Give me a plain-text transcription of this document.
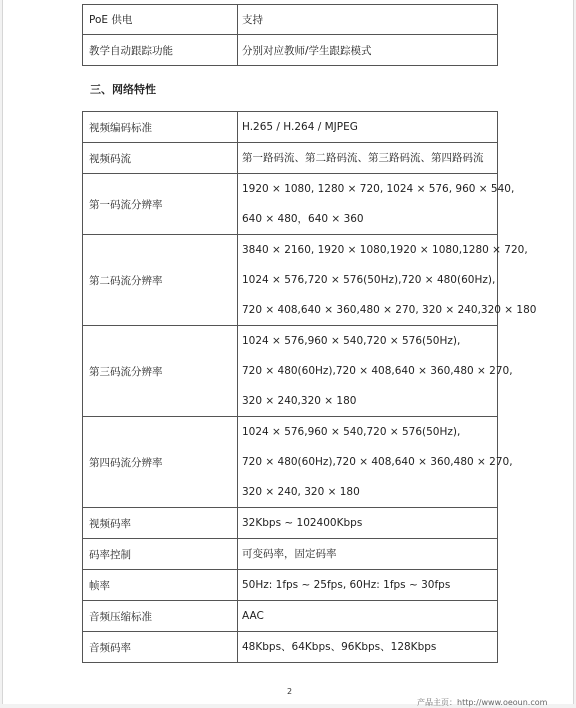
PoE 供电	支持
教学自动跟踪功能	分别对应教师/学生跟踪模式
三、网络特性
视频编码标准	H.265 / H.264 / MJPEG

视频码流	第一路码流、第二路码流、第三路码流、第四路码流

第一码流分辨率	1920 × 1080, 1280 × 720, 1024 × 576, 960 × 540,
640 × 480，640 × 360

第二码流分辨率	3840 × 2160, 1920 × 1080,1920 × 1080,1280 × 720,
1024 × 576,720 × 576(50Hz),720 × 480(60Hz),
720 × 408,640 × 360,480 × 270, 320 × 240,320 × 180

第三码流分辨率	1024 × 576,960 × 540,720 × 576(50Hz),
720 × 480(60Hz),720 × 408,640 × 360,480 × 270,
320 × 240,320 × 180

第四码流分辨率	1024 × 576,960 × 540,720 × 576(50Hz),
720 × 480(60Hz),720 × 408,640 × 360,480 × 270,
320 × 240, 320 × 180

视频码率	32Kbps ~ 102400Kbps

码率控制	可变码率，固定码率

帧率	50Hz: 1fps ~ 25fps, 60Hz: 1fps ~ 30fps

音频压缩标准	AAC

音频码率	48Kbps、64Kbps、96Kbps、128Kbps
2
产品主页：http://www.oeoun.com
